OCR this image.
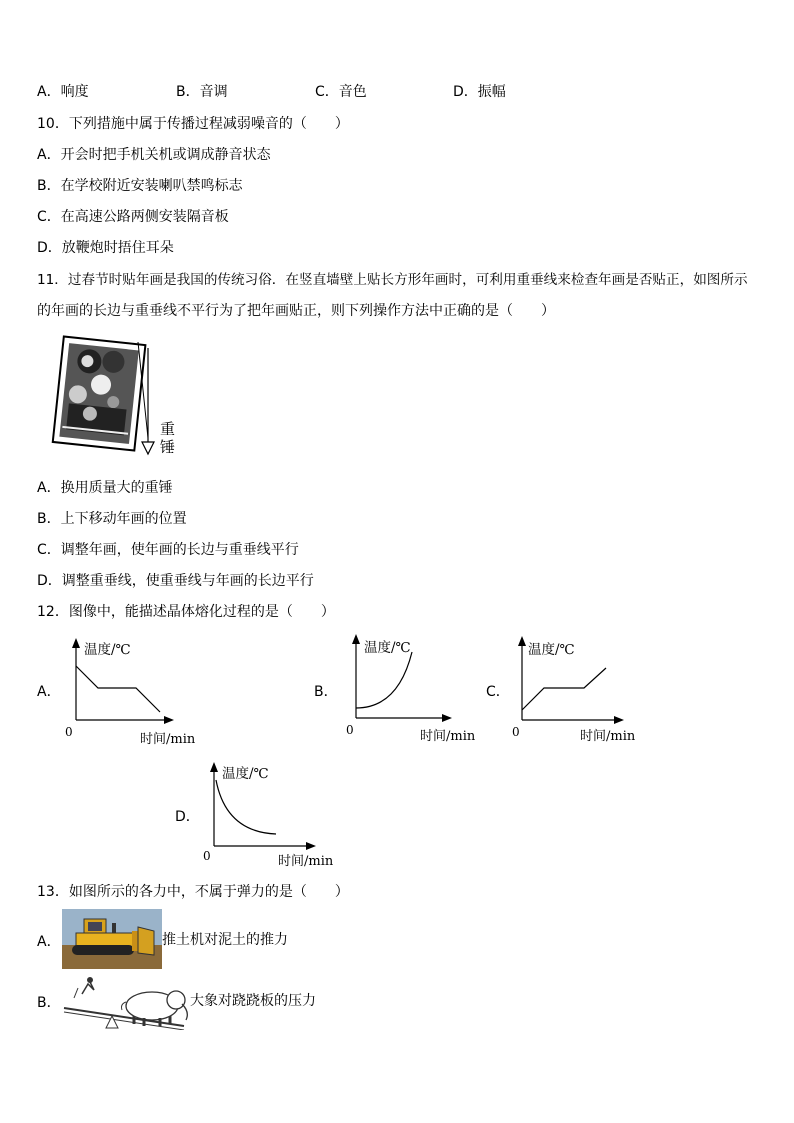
A．响度	B．音调	C．音色	D．振幅
10．下列措施中属于传播过程减弱噪音的（　　）
A．开会时把手机关机或调成静音状态
B．在学校附近安装喇叭禁鸣标志
C．在高速公路两侧安装隔音板
D．放鞭炮时捂住耳朵
11．过春节时贴年画是我国的传统习俗．在竖直墙壁上贴长方形年画时，可利用重垂线来检查年画是否贴正，如图所示
的年画的长边与重垂线不平行为了把年画贴正，则下列操作方法中正确的是（　　）
重锤
A．换用质量大的重锤
B．上下移动年画的位置
C．调整年画，使年画的长边与重垂线平行
D．调整重垂线，使重垂线与年画的长边平行
12．图像中，能描述晶体熔化过程的是（　　）
A．
温度/℃
0	时间/min
B．
温度/℃
0	时间/min
C．
温度/℃
0	时间/min
D．
温度/℃
0	时间/min
13．如图所示的各力中，不属于弹力的是（　　）
A．	推土机对泥土的推力
B．	大象对跷跷板的压力
